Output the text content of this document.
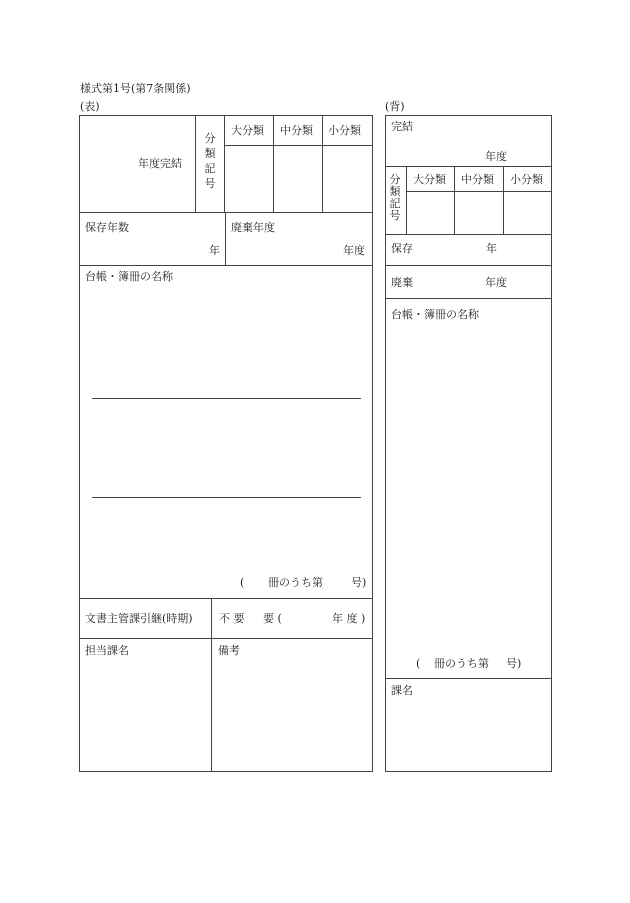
様式第1号(第7条関係)
(表)	(背)
年度完結
分
類
記
号
大分類 中分類 小分類
保存年数
年
廃棄年度
年度
台帳・簿冊の名称
( 冊のうち第	号)
文書主管課引継(時期) 不 要 要 (	年 度 )
担当課名	備考
完結
年度
分
類
記
号
大分類 中分類 小分類
保存	年
廃棄	年度
台帳・簿冊の名称
( 冊のうち第 号)
課名
